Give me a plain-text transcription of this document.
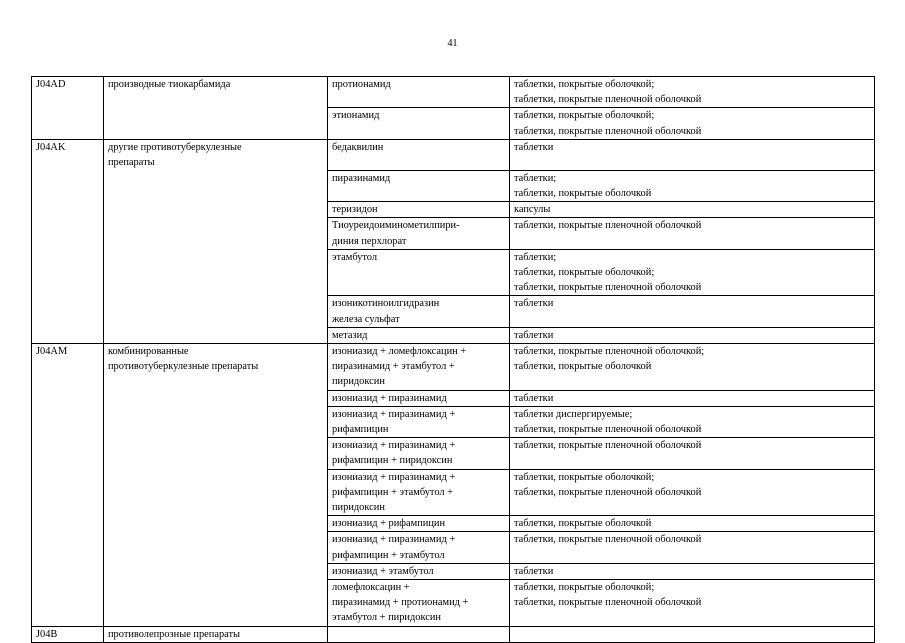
41
J04AD	производные тиокарбамида	протионамид	таблетки, покрытые оболочкой;
таблетки, покрытые пленочной оболочкой

		этионамид	таблетки, покрытые оболочкой;
таблетки, покрытые пленочной оболочкой

J04AK	другие противотуберкулезные
препараты	бедаквилин	таблетки

		пиразинамид	таблетки;
таблетки, покрытые оболочкой

		теризидон	капсулы

		Тиоуреидоиминометилпири-
диния перхлорат	таблетки, покрытые пленочной оболочкой

		этамбутол	таблетки;
таблетки, покрытые оболочкой;
таблетки, покрытые пленочной оболочкой

		изоникотиноилгидразин
железа сульфат	таблетки

		метазид	таблетки

J04AM	комбинированные
противотуберкулезные препараты	изониазид + ломефлоксацин +
пиразинамид + этамбутол +
пиридоксин	таблетки, покрытые пленочной оболочкой;
таблетки, покрытые оболочкой

		изониазид + пиразинамид	таблетки

		изониазид + пиразинамид +
рифампицин	таблетки диспергируемые;
таблетки, покрытые пленочной оболочкой

		изониазид + пиразинамид +
рифампицин + пиридоксин	таблетки, покрытые пленочной оболочкой

		изониазид + пиразинамид +
рифампицин + этамбутол +
пиридоксин	таблетки, покрытые оболочкой;
таблетки, покрытые пленочной оболочкой

		изониазид + рифампицин	таблетки, покрытые оболочкой

		изониазид + пиразинамид +
рифампицин + этамбутол	таблетки, покрытые пленочной оболочкой

		изониазид + этамбутол	таблетки

		ломефлоксацин +
пиразинамид + протионамид +
этамбутол + пиридоксин	таблетки, покрытые оболочкой;
таблетки, покрытые пленочной оболочкой

J04B	противолепрозные препараты		
